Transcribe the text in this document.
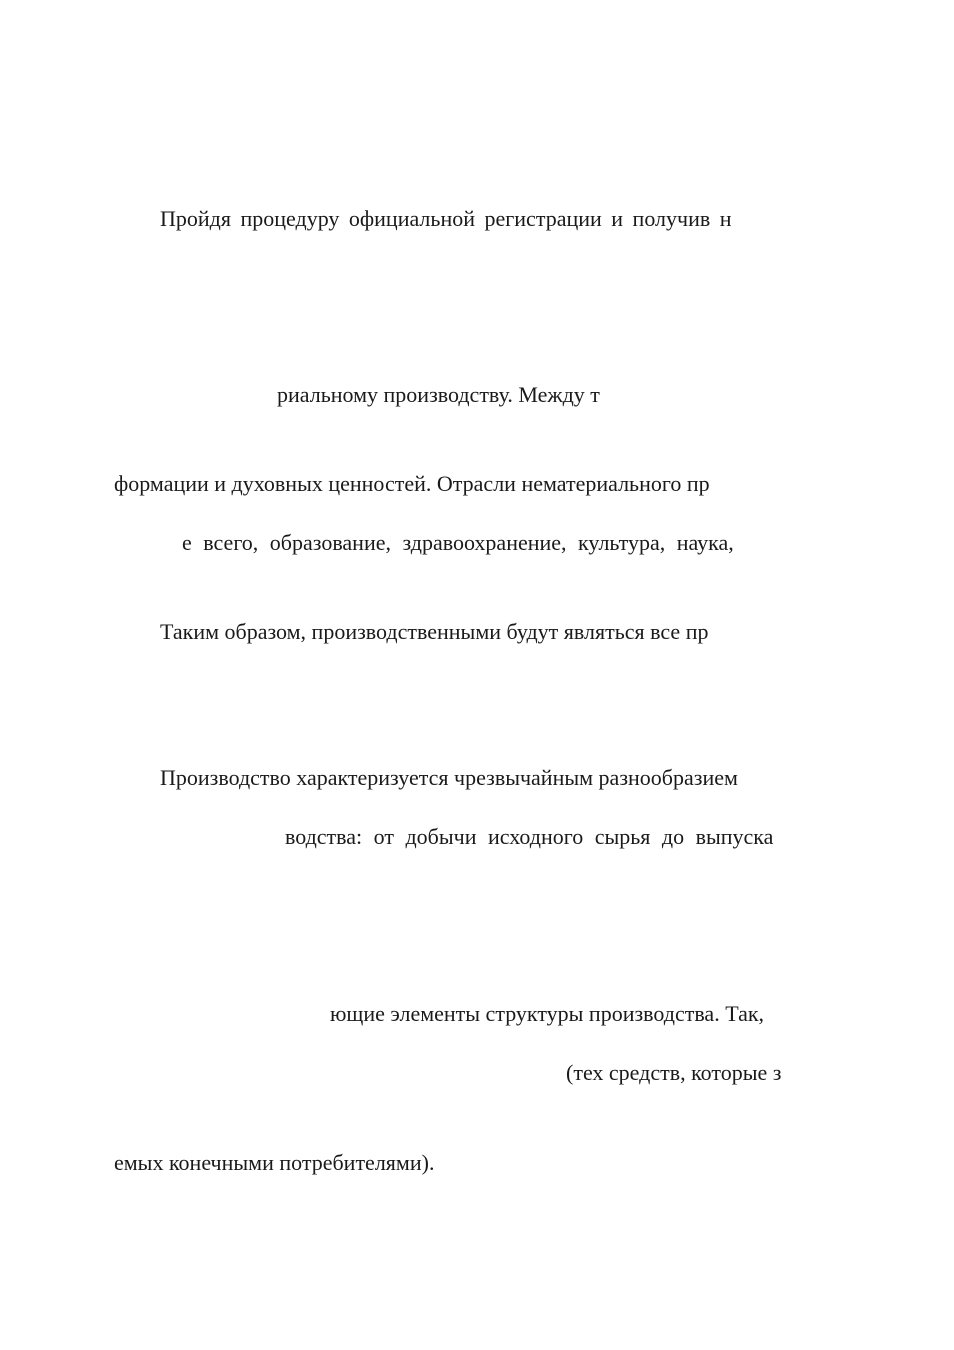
Пройдя процедуру официальной регистрации и получив н
риальному производству. Между т
формации и духовных ценностей. Отрасли нематериального пр
е всего, образование, здравоохранение, культура, наука,
Таким образом, производственными будут являться все пр
Производство характеризуется чрезвычайным разнообразием
водства: от добычи исходного сырья до выпуска
ющие элементы структуры производства. Так,
(тех средств, которые з
емых конечными потребителями).
